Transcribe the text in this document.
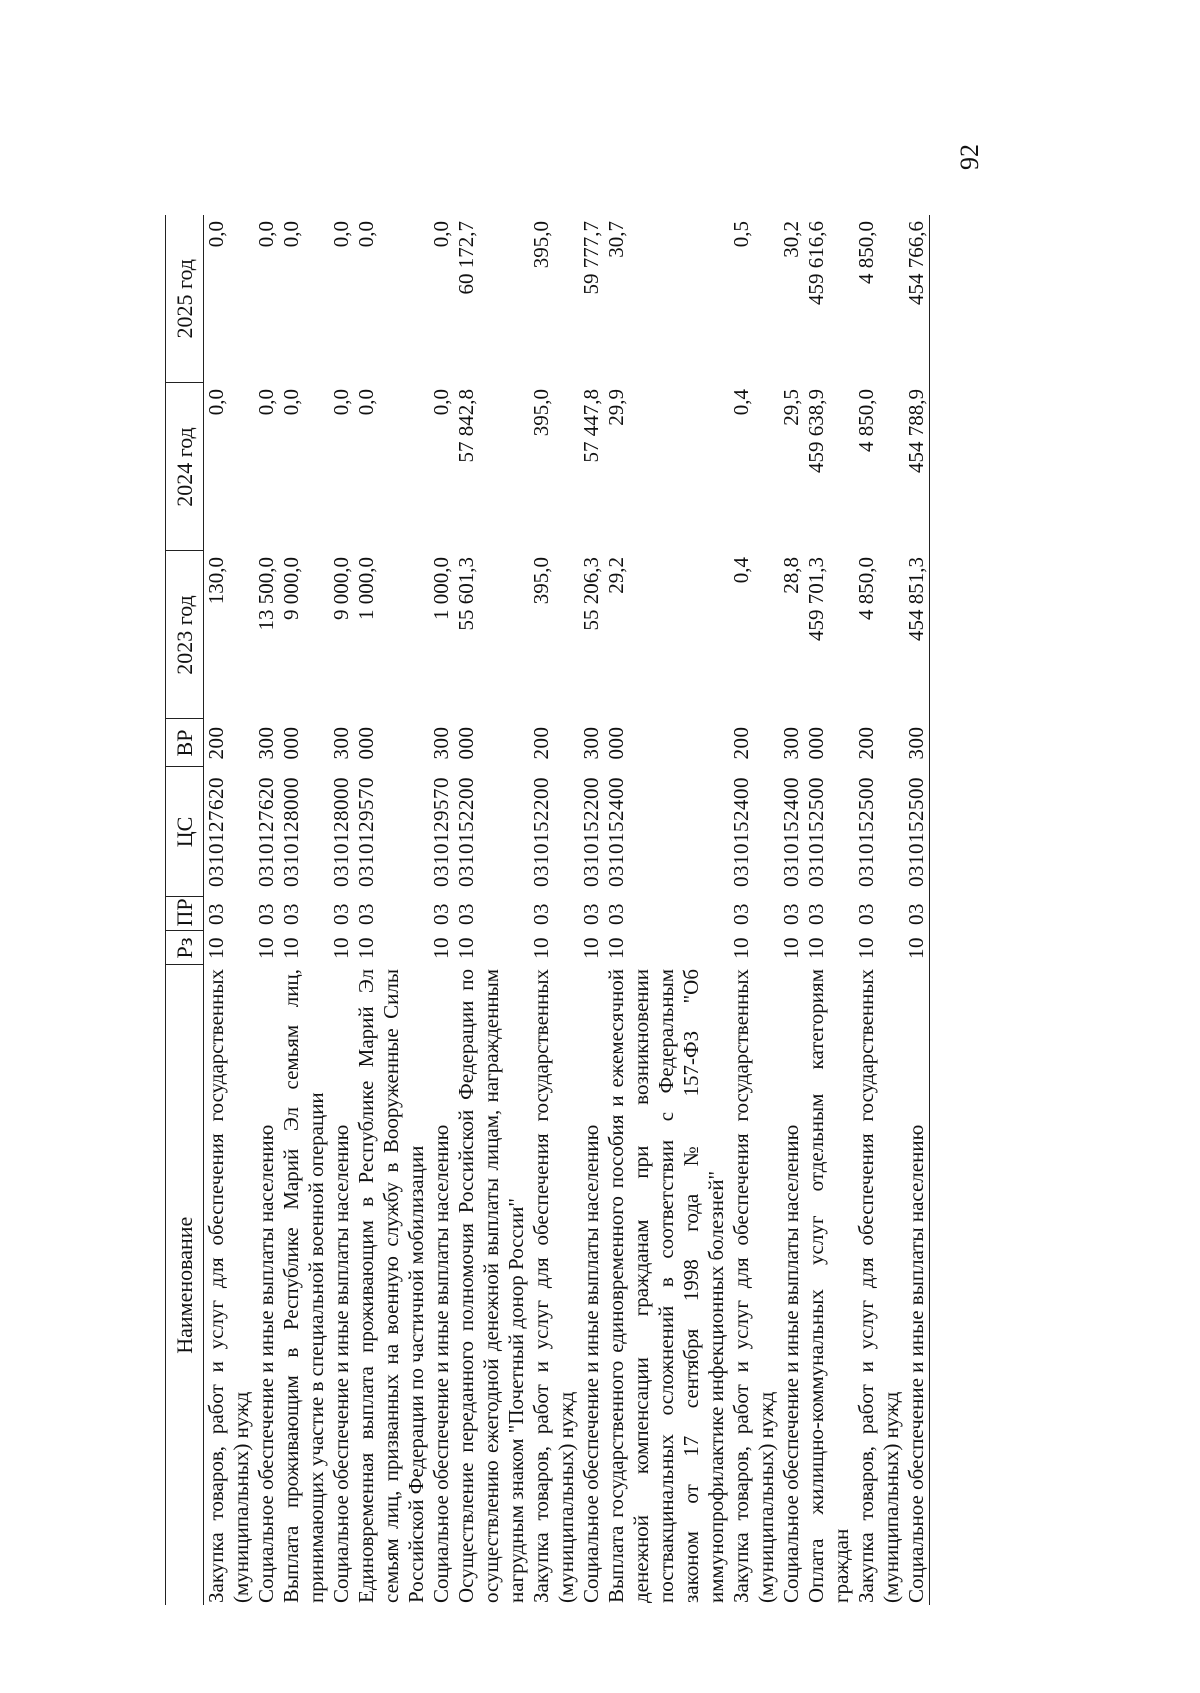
92
Наименование	Рз	ПР	ЦС	ВР	2023 год	2024 год	2025 год
Закупка товаров, работ и услуг для обеспечения государственных (муниципальных) нужд	10	03	0310127620	200	130,0	0,0	0,0
Социальное обеспечение и иные выплаты населению	10	03	0310127620	300	13 500,0	0,0	0,0
Выплата проживающим в Республике Марий Эл семьям лиц, принимающих участие в специальной военной операции	10	03	0310128000	000	9 000,0	0,0	0,0
Социальное обеспечение и иные выплаты населению	10	03	0310128000	300	9 000,0	0,0	0,0
Единовременная выплата проживающим в Республике Марий Эл семьям лиц, призванных на военную службу в Вооруженные Силы Российской Федерации по частичной мобилизации	10	03	0310129570	000	1 000,0	0,0	0,0
Социальное обеспечение и иные выплаты населению	10	03	0310129570	300	1 000,0	0,0	0,0
Осуществление переданного полномочия Российской Федерации по осуществлению ежегодной денежной выплаты лицам, награжденным нагрудным знаком "Почетный донор России"	10	03	0310152200	000	55 601,3	57 842,8	60 172,7
Закупка товаров, работ и услуг для обеспечения государственных (муниципальных) нужд	10	03	0310152200	200	395,0	395,0	395,0
Социальное обеспечение и иные выплаты населению	10	03	0310152200	300	55 206,3	57 447,8	59 777,7
Выплата государственного единовременного пособия и ежемесячной денежной компенсации гражданам при возникновении поствакцинальных осложнений в соответствии с Федеральным законом от 17 сентября 1998 года № 157-ФЗ "Об иммунопрофилактике инфекционных болезней"	10	03	0310152400	000	29,2	29,9	30,7
Закупка товаров, работ и услуг для обеспечения государственных (муниципальных) нужд	10	03	0310152400	200	0,4	0,4	0,5
Социальное обеспечение и иные выплаты населению	10	03	0310152400	300	28,8	29,5	30,2
Оплата жилищно-коммунальных услуг отдельным категориям граждан	10	03	0310152500	000	459 701,3	459 638,9	459 616,6
Закупка товаров, работ и услуг для обеспечения государственных (муниципальных) нужд	10	03	0310152500	200	4 850,0	4 850,0	4 850,0
Социальное обеспечение и иные выплаты населению	10	03	0310152500	300	454 851,3	454 788,9	454 766,6
